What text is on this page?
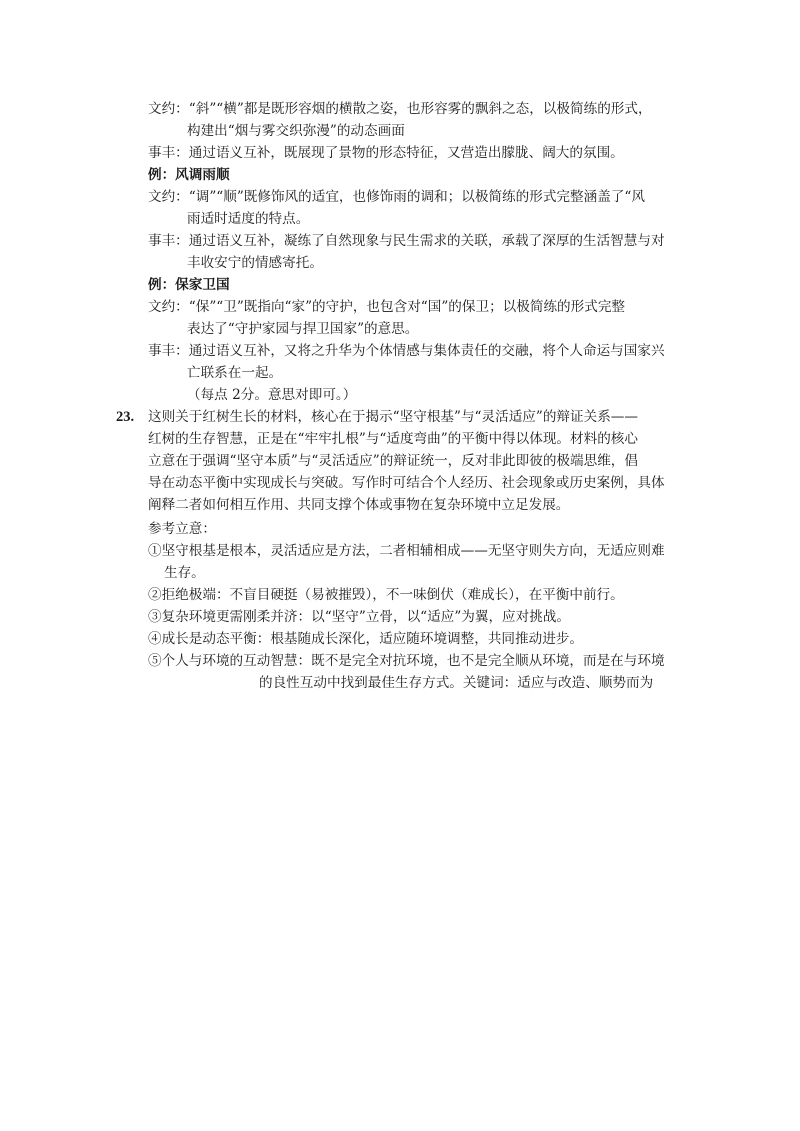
文约：“斜”“横”都是既形容烟的横散之姿，也形容雾的飘斜之态，以极简练的形式，
构建出“烟与雾交织弥漫”的动态画面
事丰：通过语义互补，既展现了景物的形态特征，又营造出朦胧、阔大的氛围。
例：风调雨顺
文约：“调”“顺”既修饰风的适宜，也修饰雨的调和；以极简练的形式完整涵盖了“风
雨适时适度的特点。
事丰：通过语义互补，凝练了自然现象与民生需求的关联，承载了深厚的生活智慧与对
丰收安宁的情感寄托。
例：保家卫国
文约：“保”“卫”既指向“家”的守护，也包含对“国”的保卫；以极简练的形式完整
表达了“守护家园与捍卫国家”的意思。
事丰：通过语义互补，又将之升华为个体情感与集体责任的交融，将个人命运与国家兴
亡联系在一起。
（每点 2分。意思对即可。）
23. 这则关于红树生长的材料，核心在于揭示“坚守根基”与“灵活适应”的辩证关系——
红树的生存智慧，正是在“牢牢扎根”与“适度弯曲”的平衡中得以体现。材料的核心
立意在于强调“坚守本质”与“灵活适应”的辩证统一，反对非此即彼的极端思维，倡
导在动态平衡中实现成长与突破。写作时可结合个人经历、社会现象或历史案例，具体
阐释二者如何相互作用、共同支撑个体或事物在复杂环境中立足发展。
参考立意：
①坚守根基是根本，灵活适应是方法，二者相辅相成——无坚守则失方向，无适应则难
生存。
②拒绝极端：不盲目硬挺（易被摧毁），不一味倒伏（难成长），在平衡中前行。
③复杂环境更需刚柔并济：以“坚守”立骨，以“适应”为翼，应对挑战。
④成长是动态平衡：根基随成长深化，适应随环境调整，共同推动进步。
⑤个人与环境的互动智慧：既不是完全对抗环境，也不是完全顺从环境，而是在与环境
的良性互动中找到最佳生存方式。关键词：适应与改造、顺势而为
